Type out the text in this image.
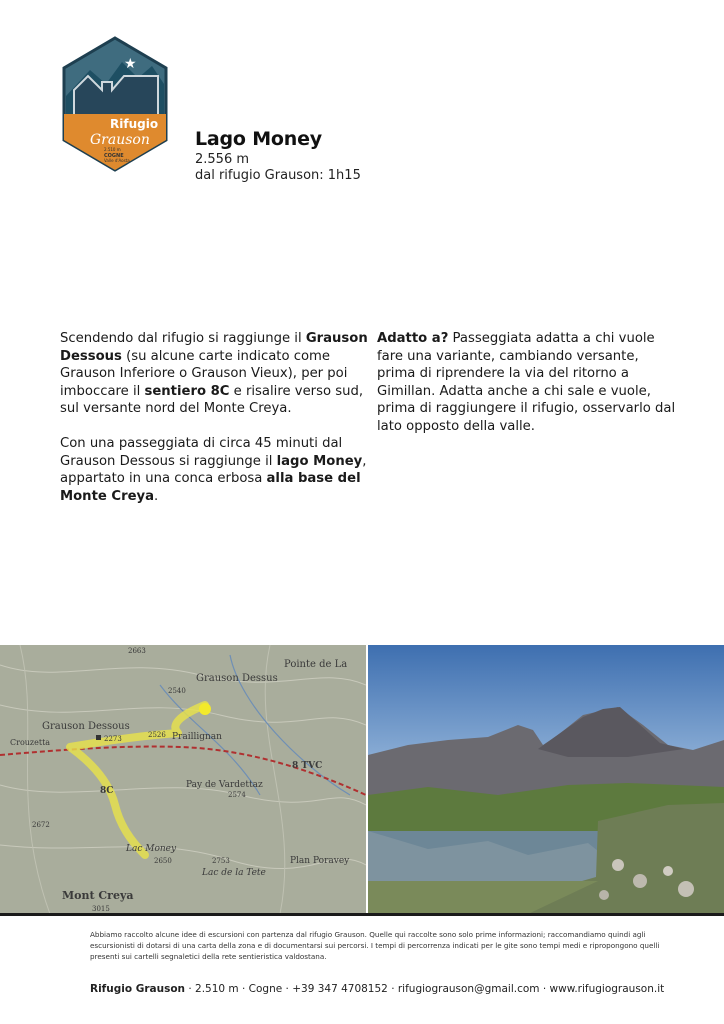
★
Rifugio
Grauson
2.510 m
COGNE
Valle d'Aosta
Lago Money
2.556 m
dal rifugio Grauson: 1h15

Scendendo dal rifugio si raggiunge il Grauson Dessous (su alcune carte indicato come Grauson Inferiore o Grauson Vieux), per poi imboccare il sentiero 8C e risalire verso sud, sul versante nord del Monte Creya.

Con una passeggiata di circa 45 minuti dal Grauson Dessous si raggiunge il lago Money, appartato in una conca erbosa alla base del Monte Creya.

Adatto a? Passeggiata adatta a chi vuole fare una variante, cambiando versante, prima di riprendere la via del ritorno a Gimillan. Adatta anche a chi sale e vuole, prima di raggiungere il rifugio, osservarlo dal lato opposto della valle.

2663
Pointe de La
Grauson Dessus
2540
Grauson Dessous
2526 Praillignan
Crouzetta	2273
8 TVC
Pay de Vardettaz
2574
8C
2672
Lac Money
2650	2753	Plan Poravey
Lac de la Tete
Mont Creya
3015
Abbiamo raccolto alcune idee di escursioni con partenza dal rifugio Grauson. Quelle qui raccolte sono solo prime informazioni; raccomandiamo quindi agli escursionisti di dotarsi di una carta della zona e di documentarsi sui percorsi. I tempi di percorrenza indicati per le gite sono tempi medi e ripropongono quelli presenti sui cartelli segnaletici della rete sentieristica valdostana.
Rifugio Grauson · 2.510 m · Cogne · +39 347 4708152 · rifugiograuson@gmail.com · www.rifugiograuson.it
